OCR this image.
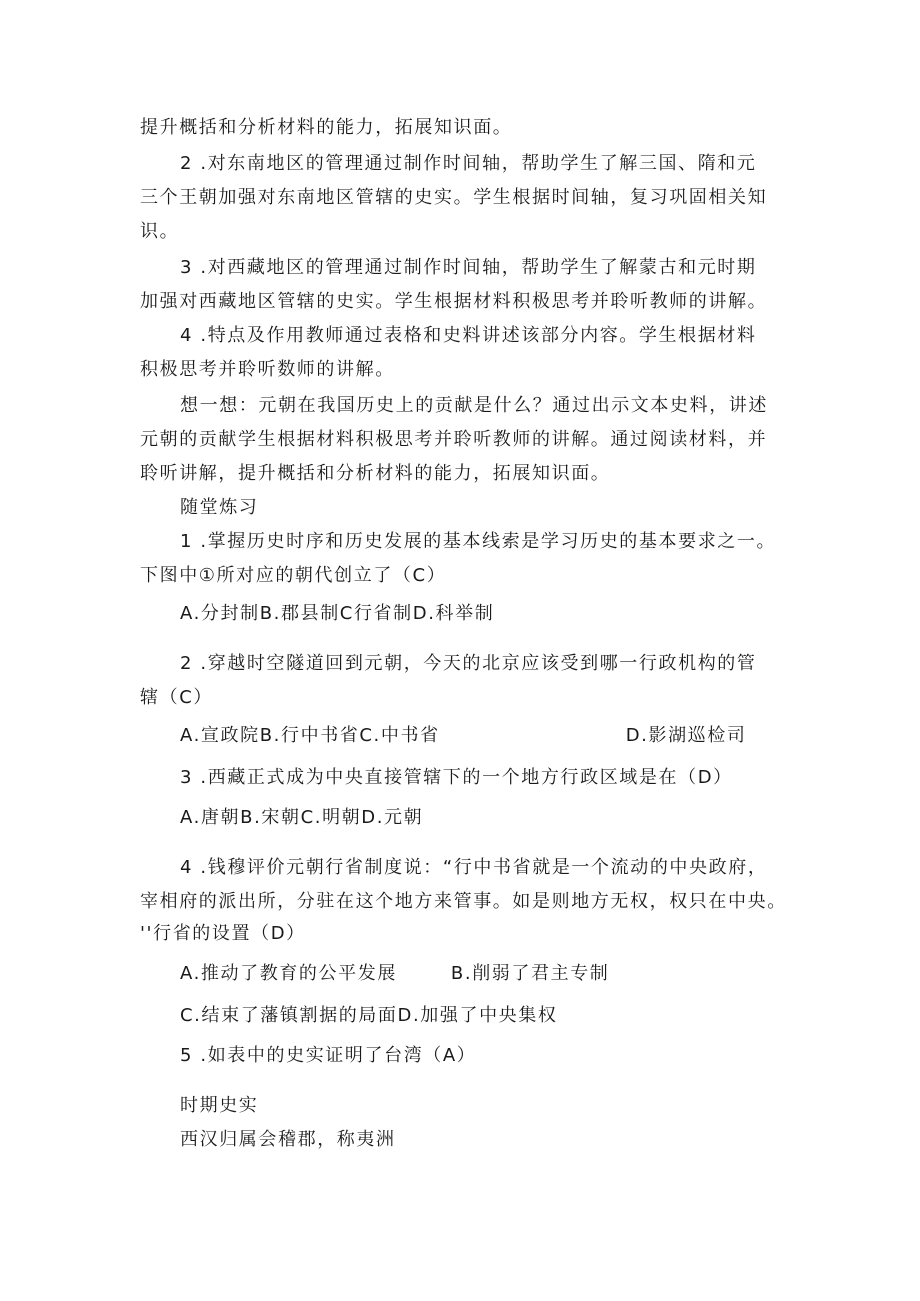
提升概括和分析材料的能力，拓展知识面。
2 .对东南地区的管理通过制作时间轴，帮助学生了解三国、隋和元
三个王朝加强对东南地区管辖的史实。学生根据时间轴，复习巩固相关知
识。
3 .对西藏地区的管理通过制作时间轴，帮助学生了解蒙古和元时期
加强对西藏地区管辖的史实。学生根据材料积极思考并聆听教师的讲解。
4 .特点及作用教师通过表格和史料讲述该部分内容。学生根据材料
积极思考并聆听数师的讲解。
想一想：元朝在我国历史上的贡献是什么？通过出示文本史料，讲述
元朝的贡献学生根据材料积极思考并聆听教师的讲解。通过阅读材料，并
聆听讲解，提升概括和分析材料的能力，拓展知识面。
随堂炼习
1 .掌握历史时序和历史发展的基本线索是学习历史的基本要求之一。
下图中①所对应的朝代创立了（C）
A.分封制B.郡县制C行省制D.科举制
2 .穿越时空隧道回到元朝，今天的北京应该受到哪一行政机构的管
辖（C）
A.宣政院B.行中书省C.中书省	D.影湖巡检司
3 .西藏正式成为中央直接管辖下的一个地方行政区域是在（D）
A.唐朝B.宋朝C.明朝D.元朝
4 .钱穆评价元朝行省制度说：“行中书省就是一个流动的中央政府，
宰相府的派出所，分驻在这个地方来管事。如是则地方无权，权只在中央。
''行省的设置（D）
A.推动了教育的公平发展	B.削弱了君主专制
C.结束了藩镇割据的局面D.加强了中央集权
5 .如表中的史实证明了台湾（A）
时期史实
西汉归属会稽郡，称夷洲
